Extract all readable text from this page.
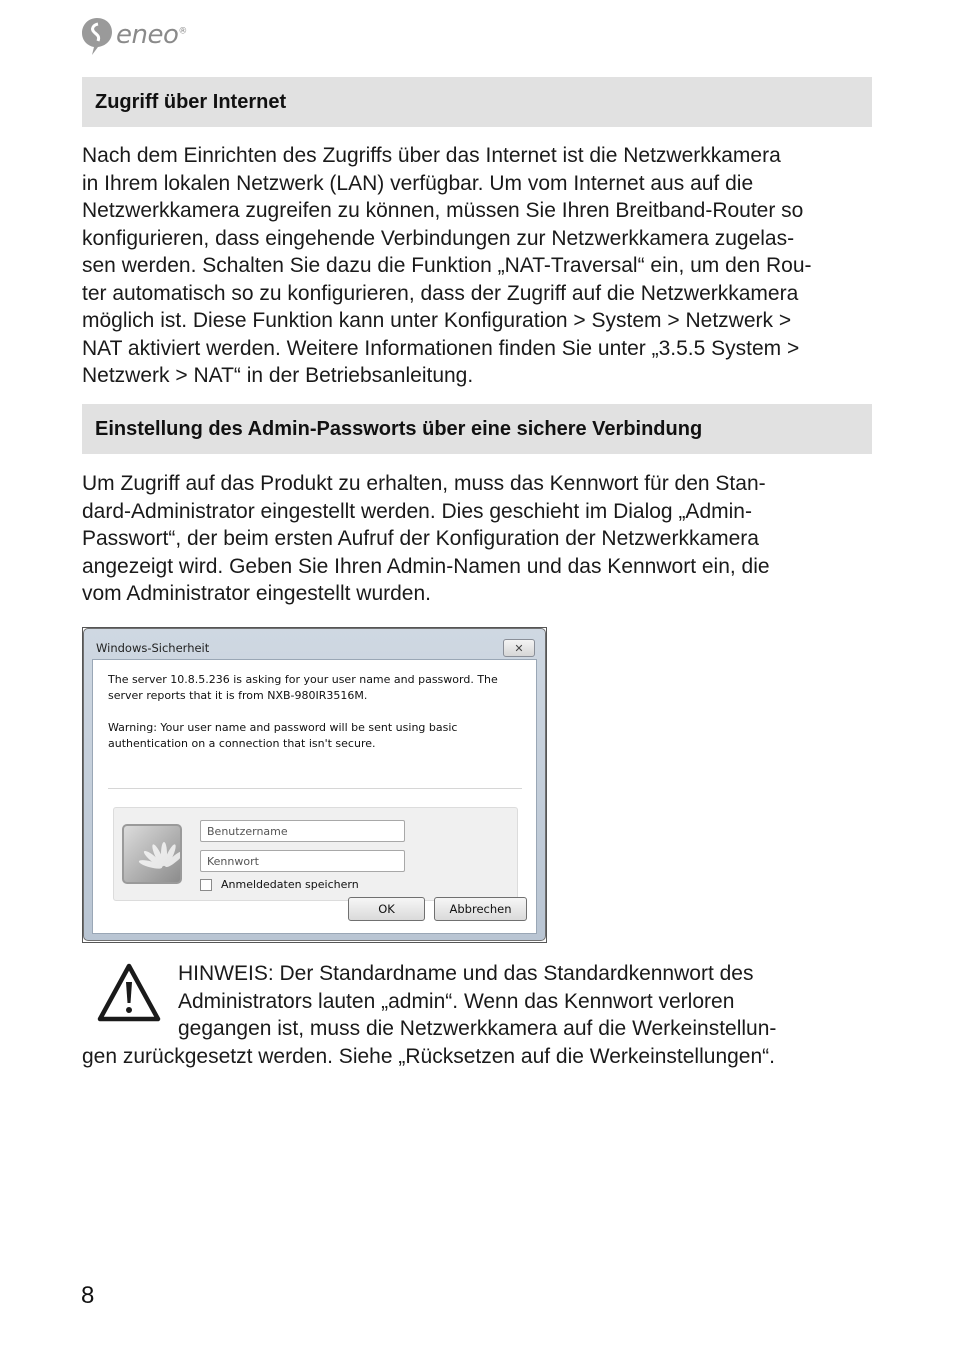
eneo®
Zugriff über Internet

Nach dem Einrichten des Zugriffs über das Internet ist die Netzwerkkamera
in Ihrem lokalen Netzwerk (LAN) verfügbar. Um vom Internet aus auf die
Netzwerkkamera zugreifen zu können, müssen Sie Ihren Breitband-Router so
konfigurieren, dass eingehende Verbindungen zur Netzwerkkamera zugelas-
sen werden. Schalten Sie dazu die Funktion „NAT-Traversal“ ein, um den Rou-
ter automatisch so zu konfigurieren, dass der Zugriff auf die Netzwerkkamera
möglich ist. Diese Funktion kann unter Konfiguration > System > Netzwerk >
NAT aktiviert werden. Weitere Informationen finden Sie unter „3.5.5 System >
Netzwerk > NAT“ in der Betriebsanleitung.

Einstellung des Admin-Passworts über eine sichere Verbindung

Um Zugriff auf das Produkt zu erhalten, muss das Kennwort für den Stan-
dard-Administrator eingestellt werden. Dies geschieht im Dialog „Admin-
Passwort“, der beim ersten Aufruf der Konfiguration der Netzwerkkamera
angezeigt wird. Geben Sie Ihren Admin-Namen und das Kennwort ein, die
vom Administrator eingestellt wurden.

Windows-Sicherheit	✕

The server 10.8.5.236 is asking for your user name and password. The
server reports that it is from NXB-980IR3516M.

Warning: Your user name and password will be sent using basic
authentication on a connection that isn't secure.

Benutzername
Anmeldedaten speichern
OK	Abbrechen

HINWEIS: Der Standardname und das Standardkennwort des
Administrators lauten „admin“. Wenn das Kennwort verloren
gegangen ist, muss die Netzwerkkamera auf die Werkeinstellun-

gen zurückgesetzt werden. Siehe „Rücksetzen auf die Werkeinstellungen“.

8
